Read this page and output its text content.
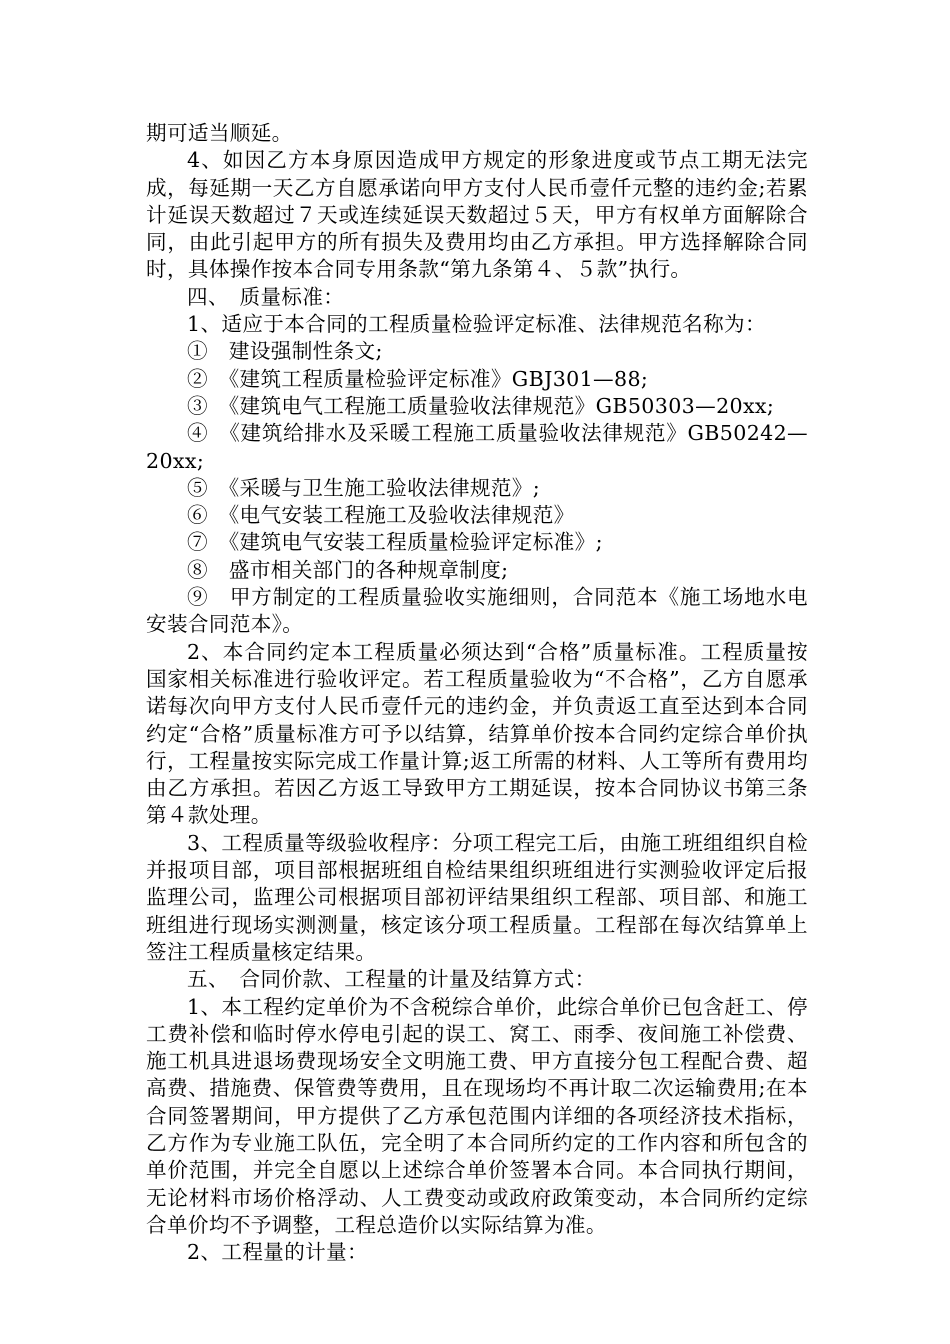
期可适当顺延。

4、如因乙方本身原因造成甲方规定的形象进度或节点工期无法完成，每延期一天乙方自愿承诺向甲方支付人民币壹仟元整的违约金;若累计延误天数超过７天或连续延误天数超过５天，甲方有权单方面解除合同，由此引起甲方的所有损失及费用均由乙方承担。甲方选择解除合同时，具体操作按本合同专用条款“第九条第４、５款”执行。

四、　质量标准：

1、适应于本合同的工程质量检验评定标准、法律规范名称为：

①　建设强制性条文;

②　《建筑工程质量检验评定标准》GBJ301—88;

③　《建筑电气工程施工质量验收法律规范》GB50303—20xx;

④　《建筑给排水及采暖工程施工质量验收法律规范》GB50242—20xx;

⑤　《采暖与卫生施工验收法律规范》;

⑥　《电气安装工程施工及验收法律规范》

⑦　《建筑电气安装工程质量检验评定标准》;

⑧　盛市相关部门的各种规章制度;

⑨　甲方制定的工程质量验收实施细则，合同范本《施工场地水电安装合同范本》。

2、本合同约定本工程质量必须达到“合格”质量标准。工程质量按国家相关标准进行验收评定。若工程质量验收为“不合格”，乙方自愿承诺每次向甲方支付人民币壹仟元的违约金，并负责返工直至达到本合同约定“合格”质量标准方可予以结算，结算单价按本合同约定综合单价执行，工程量按实际完成工作量计算;返工所需的材料、人工等所有费用均由乙方承担。若因乙方返工导致甲方工期延误，按本合同协议书第三条第４款处理。

3、工程质量等级验收程序：分项工程完工后，由施工班组组织自检并报项目部，项目部根据班组自检结果组织班组进行实测验收评定后报监理公司，监理公司根据项目部初评结果组织工程部、项目部、和施工班组进行现场实测测量，核定该分项工程质量。工程部在每次结算单上签注工程质量核定结果。

五、　合同价款、工程量的计量及结算方式：

1、本工程约定单价为不含税综合单价，此综合单价已包含赶工、停工费补偿和临时停水停电引起的误工、窝工、雨季、夜间施工补偿费、施工机具进退场费现场安全文明施工费、甲方直接分包工程配合费、超高费、措施费、保管费等费用，且在现场均不再计取二次运输费用;在本合同签署期间，甲方提供了乙方承包范围内详细的各项经济技术指标，乙方作为专业施工队伍，完全明了本合同所约定的工作内容和所包含的单价范围，并完全自愿以上述综合单价签署本合同。本合同执行期间，无论材料市场价格浮动、人工费变动或政府政策变动，本合同所约定综合单价均不予调整，工程总造价以实际结算为准。

2、工程量的计量：
